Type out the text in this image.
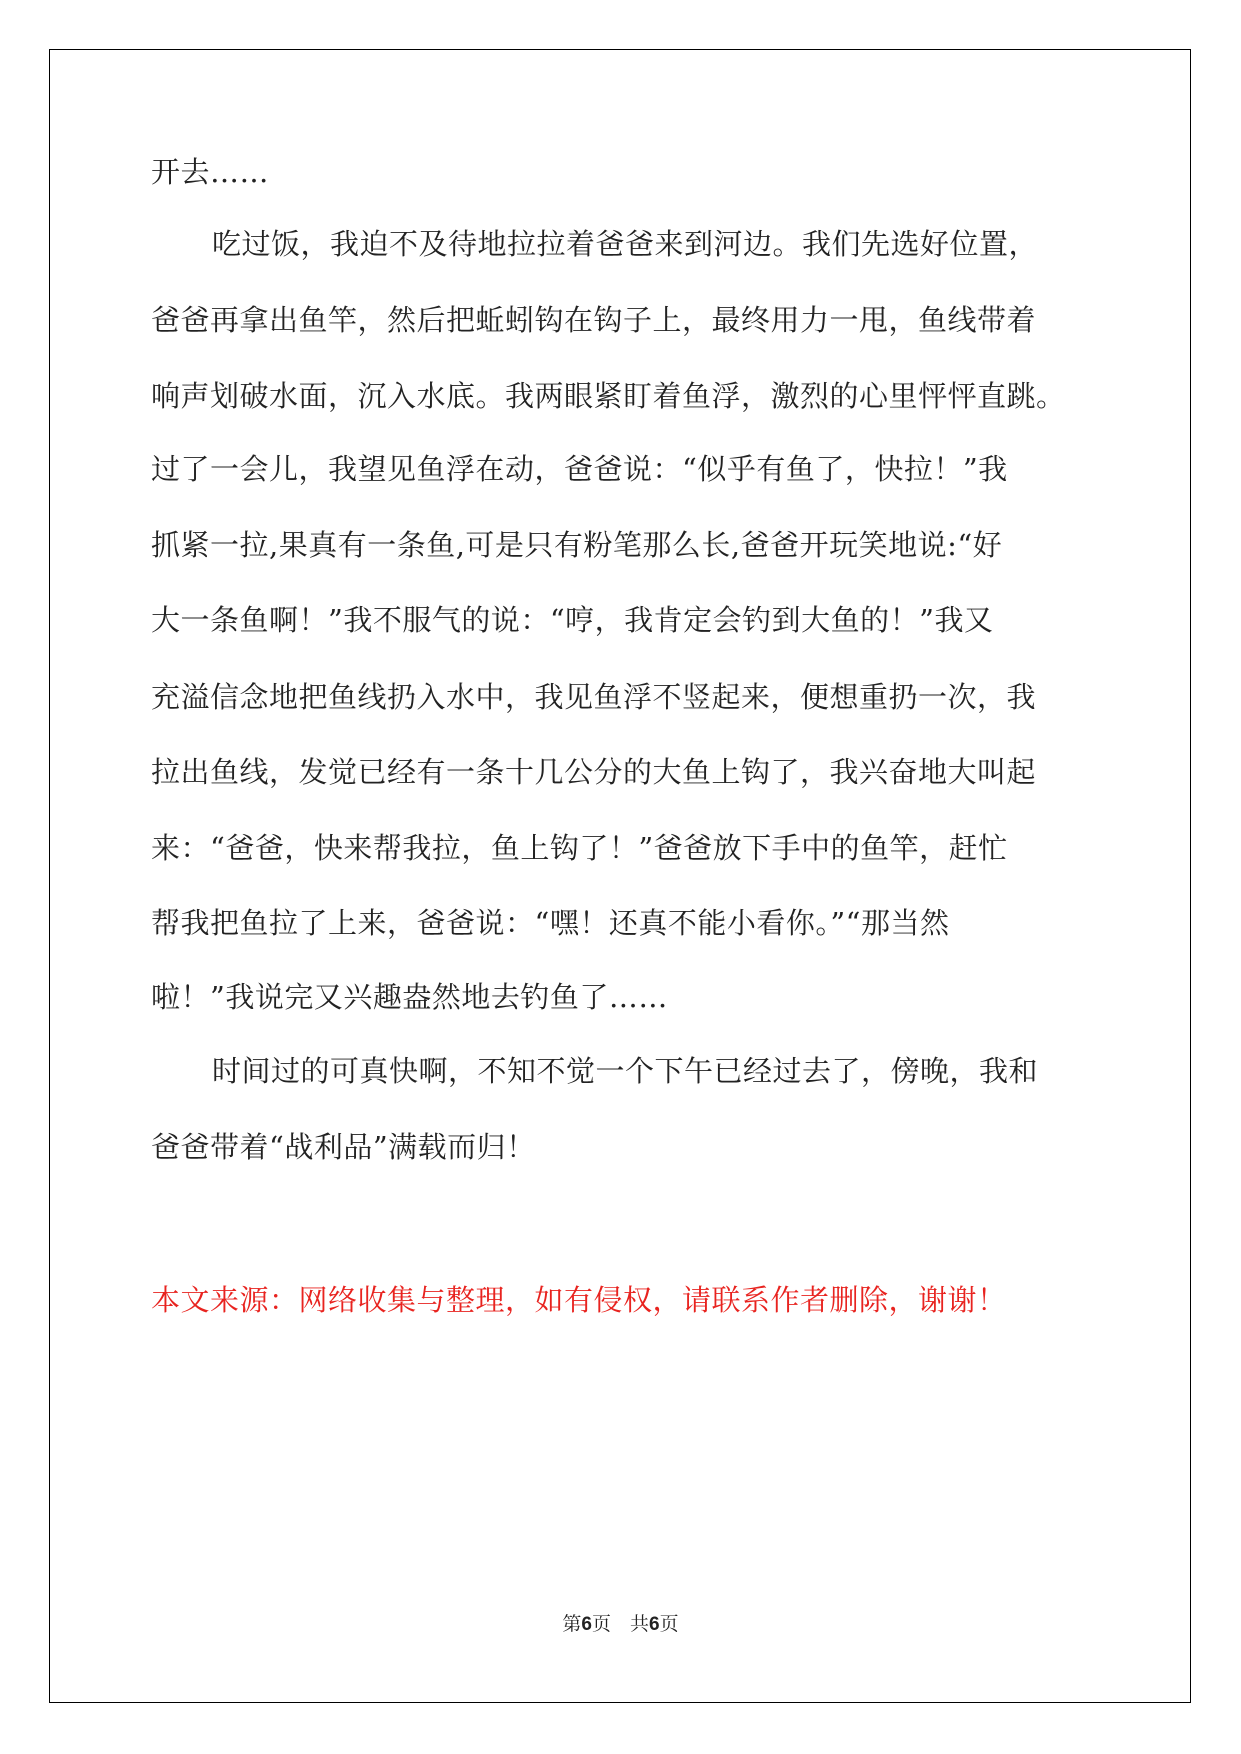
开去……
吃过饭，我迫不及待地拉拉着爸爸来到河边。我们先选好位置，
爸爸再拿出鱼竿，然后把蚯蚓钩在钩子上，最终用力一甩，鱼线带着
响声划破水面，沉入水底。我两眼紧盯着鱼浮，激烈的心里怦怦直跳。
过了一会儿，我望见鱼浮在动，爸爸说：“似乎有鱼了，快拉！”我
抓紧一拉,果真有一条鱼,可是只有粉笔那么长,爸爸开玩笑地说:“好
大一条鱼啊！”我不服气的说：“哼，我肯定会钓到大鱼的！”我又
充溢信念地把鱼线扔入水中，我见鱼浮不竖起来，便想重扔一次，我
拉出鱼线，发觉已经有一条十几公分的大鱼上钩了，我兴奋地大叫起
来：“爸爸，快来帮我拉，鱼上钩了！”爸爸放下手中的鱼竿，赶忙
帮我把鱼拉了上来，爸爸说：“嘿！还真不能小看你。”“那当然
啦！”我说完又兴趣盎然地去钓鱼了……
时间过的可真快啊，不知不觉一个下午已经过去了，傍晚，我和
爸爸带着“战利品”满载而归！
本文来源：网络收集与整理，如有侵权，请联系作者删除，谢谢！
第6页　共6页
